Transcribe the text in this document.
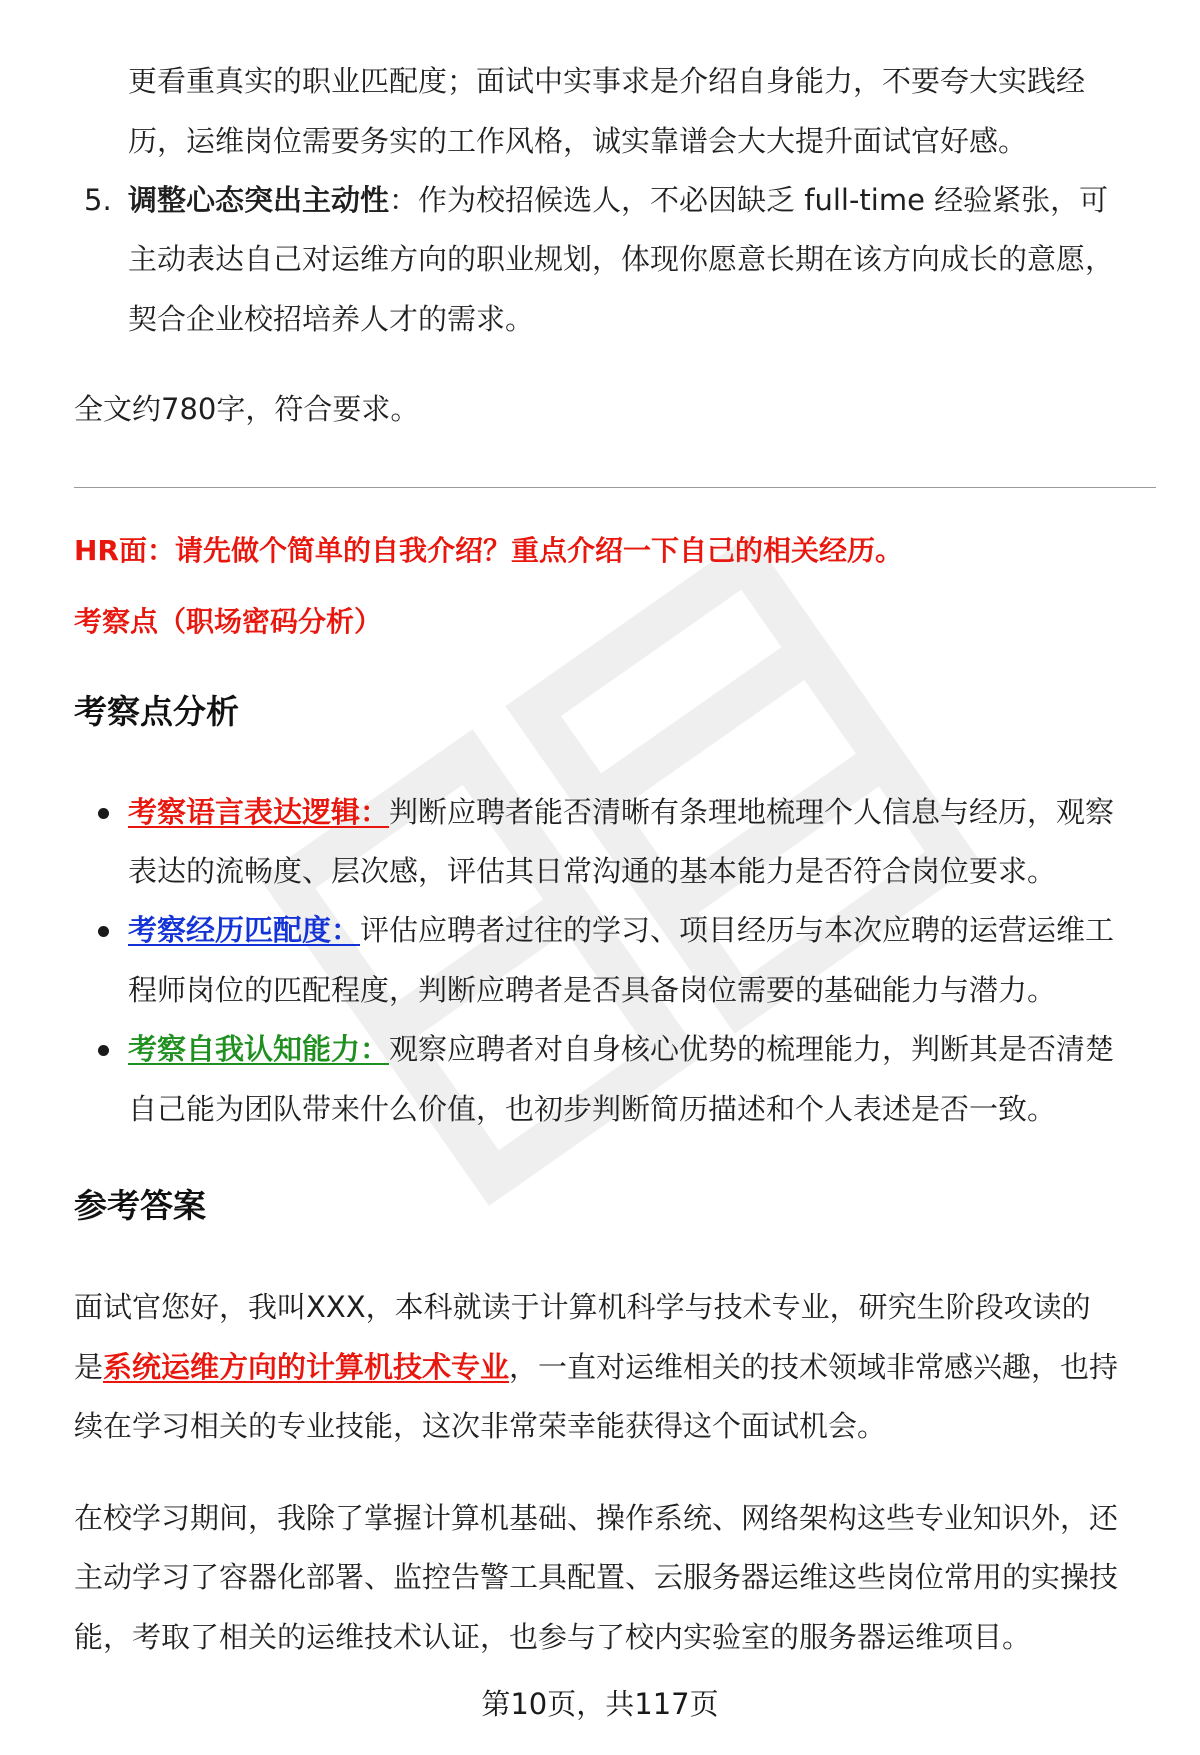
更看重真实的职业匹配度；面试中实事求是介绍自身能力，不要夸大实践经
历，运维岗位需要务实的工作风格，诚实靠谱会大大提升面试官好感。
5. 调整心态突出主动性：作为校招候选人，不必因缺乏 full-time 经验紧张，可
主动表达自己对运维方向的职业规划，体现你愿意长期在该方向成长的意愿，
契合企业校招培养人才的需求。
全文约780字，符合要求。
HR面：请先做个简单的自我介绍？重点介绍一下自己的相关经历。
考察点（职场密码分析）
考察点分析
考察语言表达逻辑：判断应聘者能否清晰有条理地梳理个人信息与经历，观察
表达的流畅度、层次感，评估其日常沟通的基本能力是否符合岗位要求。
考察经历匹配度：评估应聘者过往的学习、项目经历与本次应聘的运营运维工
程师岗位的匹配程度，判断应聘者是否具备岗位需要的基础能力与潜力。
考察自我认知能力：观察应聘者对自身核心优势的梳理能力，判断其是否清楚
自己能为团队带来什么价值，也初步判断简历描述和个人表述是否一致。
参考答案
面试官您好，我叫XXX，本科就读于计算机科学与技术专业，研究生阶段攻读的
是系统运维方向的计算机技术专业，一直对运维相关的技术领域非常感兴趣，也持
续在学习相关的专业技能，这次非常荣幸能获得这个面试机会。
在校学习期间，我除了掌握计算机基础、操作系统、网络架构这些专业知识外，还
主动学习了容器化部署、监控告警工具配置、云服务器运维这些岗位常用的实操技
能，考取了相关的运维技术认证，也参与了校内实验室的服务器运维项目。
第10页，共117页
